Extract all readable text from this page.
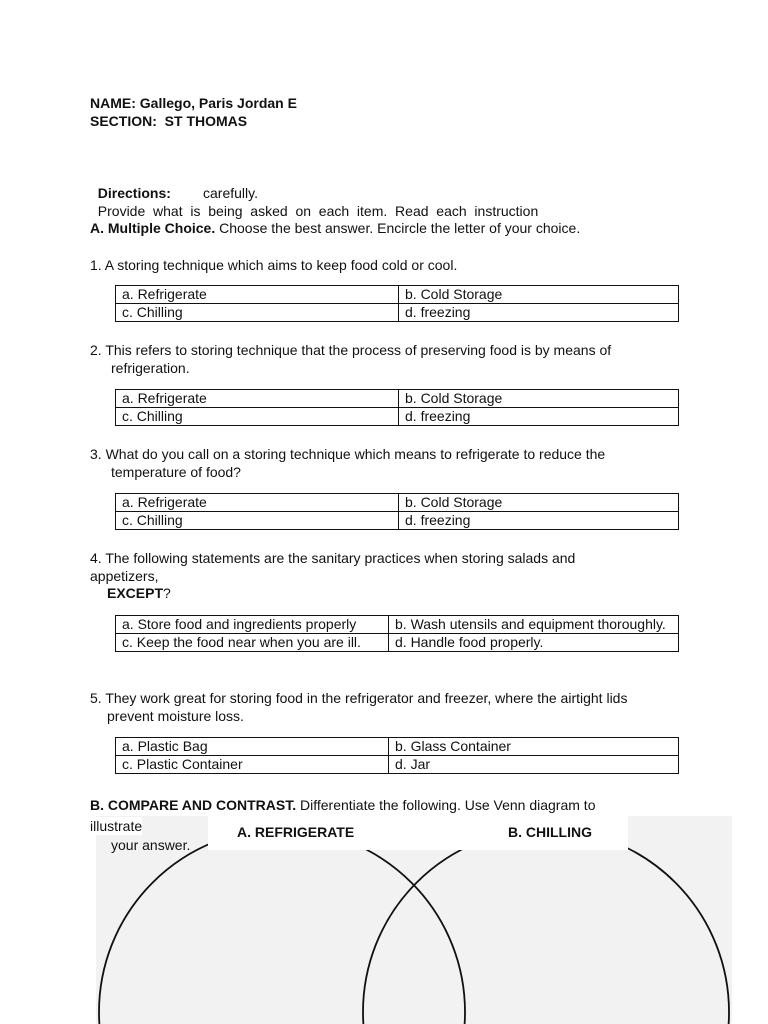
NAME: Gallego, Paris Jordan E
SECTION: ST THOMAS

Directions:
Provide  what  is  being  asked  on  each  item.  Read  each  instruction

carefully.
A. Multiple Choice. Choose the best answer. Encircle the letter of your choice.
1. A storing technique which aims to keep food cold or cool.
a. Refrigerate	b. Cold Storage
c. Chilling	d. freezing
2. This refers to storing technique that the process of preserving food is by means of
refrigeration.
a. Refrigerate	b. Cold Storage
c. Chilling	d. freezing
3. What do you call on a storing technique which means to refrigerate to reduce the
temperature of food?
a. Refrigerate	b. Cold Storage
c. Chilling	d. freezing
4. The following statements are the sanitary practices when storing salads and
appetizers,
EXCEPT?
a. Store food and ingredients properly	b. Wash utensils and equipment thoroughly.
c. Keep the food near when you are ill.	d. Handle food properly.
5. They work great for storing food in the refrigerator and freezer, where the airtight lids
prevent moisture loss.
a. Plastic Bag	b. Glass Container
c. Plastic Container	d. Jar
B. COMPARE AND CONTRAST. Differentiate the following. Use Venn diagram to
illustrate
your answer.
A. REFRIGERATE	B. CHILLING
